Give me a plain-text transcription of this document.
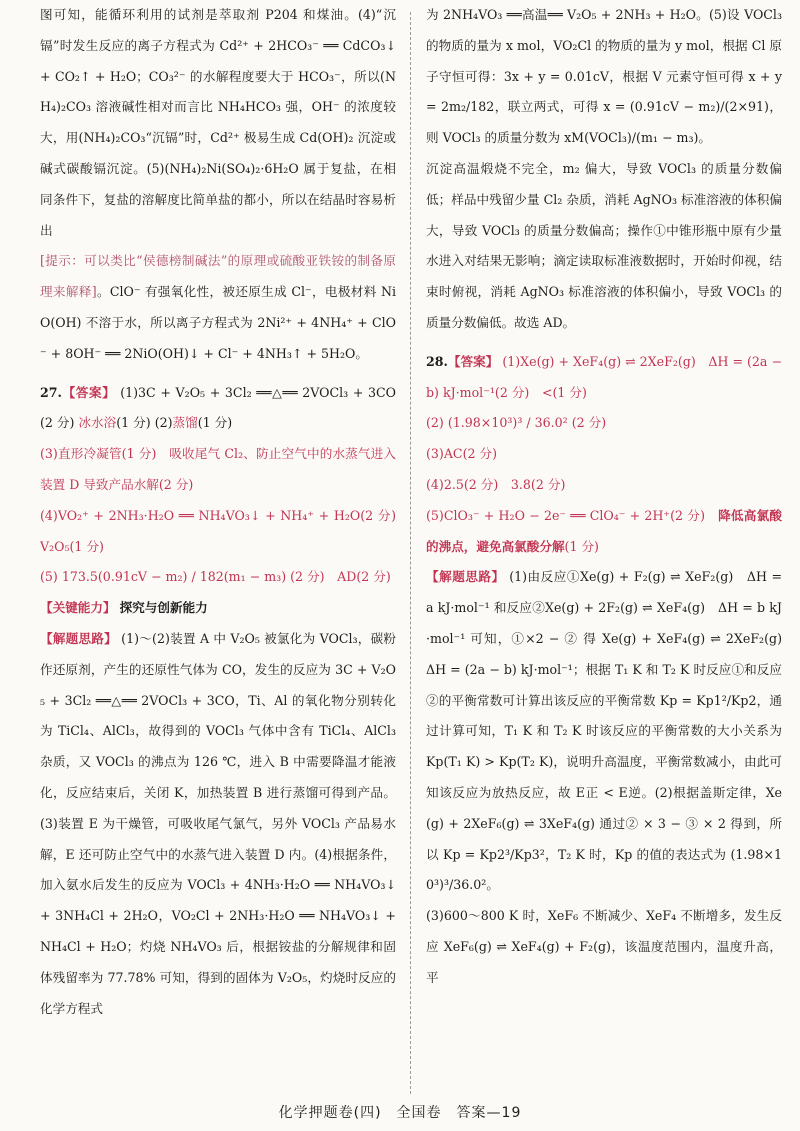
图可知，能循环利用的试剂是萃取剂 P204 和煤油。(4)“沉镉”时发生反应的离子方程式为 Cd²⁺ + 2HCO₃⁻ ══ CdCO₃↓ + CO₂↑ + H₂O；CO₃²⁻ 的水解程度要大于 HCO₃⁻，所以(NH₄)₂CO₃ 溶液碱性相对而言比 NH₄HCO₃ 强，OH⁻ 的浓度较大，用(NH₄)₂CO₃“沉镉”时，Cd²⁺ 极易生成 Cd(OH)₂ 沉淀或碱式碳酸镉沉淀。(5)(NH₄)₂Ni(SO₄)₂·6H₂O 属于复盐，在相同条件下，复盐的溶解度比简单盐的都小，所以在结晶时容易析出

[提示：可以类比“侯德榜制碱法”的原理或硫酸亚铁铵的制备原理来解释]。ClO⁻ 有强氧化性，被还原生成 Cl⁻，电极材料 NiO(OH) 不溶于水，所以离子方程式为 2Ni²⁺ + 4NH₄⁺ + ClO⁻ + 8OH⁻ ══ 2NiO(OH)↓ + Cl⁻ + 4NH₃↑ + 5H₂O。

27.【答案】 (1)3C + V₂O₅ + 3Cl₂ ══△══ 2VOCl₃ + 3CO(2 分) 冰水浴(1 分) (2)蒸馏(1 分)

(3)直形冷凝管(1 分)　吸收尾气 Cl₂、防止空气中的水蒸气进入装置 D 导致产品水解(2 分)

(4)VO₂⁺ + 2NH₃·H₂O ══ NH₄VO₃↓ + NH₄⁺ + H₂O(2 分)　V₂O₅(1 分)

(5) 173.5(0.91cV − m₂) / 182(m₁ − m₃) (2 分)　AD(2 分)

【关键能力】 探究与创新能力

【解题思路】 (1)～(2)装置 A 中 V₂O₅ 被氯化为 VOCl₃，碳粉作还原剂，产生的还原性气体为 CO，发生的反应为 3C + V₂O₅ + 3Cl₂ ══△══ 2VOCl₃ + 3CO，Ti、Al 的氧化物分别转化为 TiCl₄、AlCl₃，故得到的 VOCl₃ 气体中含有 TiCl₄、AlCl₃ 杂质，又 VOCl₃ 的沸点为 126 ℃，进入 B 中需要降温才能液化，反应结束后，关闭 K，加热装置 B 进行蒸馏可得到产品。(3)装置 E 为干燥管，可吸收尾气氯气，另外 VOCl₃ 产品易水解，E 还可防止空气中的水蒸气进入装置 D 内。(4)根据条件，加入氨水后发生的反应为 VOCl₃ + 4NH₃·H₂O ══ NH₄VO₃↓ + 3NH₄Cl + 2H₂O，VO₂Cl + 2NH₃·H₂O ══ NH₄VO₃↓ + NH₄Cl + H₂O；灼烧 NH₄VO₃ 后，根据铵盐的分解规律和固体残留率为 77.78% 可知，得到的固体为 V₂O₅，灼烧时反应的化学方程式

为 2NH₄VO₃ ══高温══ V₂O₅ + 2NH₃ + H₂O。(5)设 VOCl₃ 的物质的量为 x mol，VO₂Cl 的物质的量为 y mol，根据 Cl 原子守恒可得：3x + y = 0.01cV，根据 V 元素守恒可得 x + y = 2m₂/182，联立两式，可得 x = (0.91cV − m₂)/(2×91)，则 VOCl₃ 的质量分数为 xM(VOCl₃)/(m₁ − m₃)。

沉淀高温煅烧不完全，m₂ 偏大，导致 VOCl₃ 的质量分数偏低；样品中残留少量 Cl₂ 杂质，消耗 AgNO₃ 标准溶液的体积偏大，导致 VOCl₃ 的质量分数偏高；操作①中锥形瓶中原有少量水进入对结果无影响；滴定读取标准液数据时，开始时仰视，结束时俯视，消耗 AgNO₃ 标准溶液的体积偏小，导致 VOCl₃ 的质量分数偏低。故选 AD。

28.【答案】 (1)Xe(g) + XeF₄(g) ⇌ 2XeF₂(g)　ΔH = (2a − b) kJ·mol⁻¹(2 分)　<(1 分)

(2) (1.98×10³)³ / 36.0² (2 分)

(3)AC(2 分)

(4)2.5(2 分)　3.8(2 分)

(5)ClO₃⁻ + H₂O − 2e⁻ ══ ClO₄⁻ + 2H⁺(2 分)　降低高氯酸的沸点，避免高氯酸分解(1 分)

【解题思路】 (1)由反应①Xe(g) + F₂(g) ⇌ XeF₂(g)　ΔH = a kJ·mol⁻¹ 和反应②Xe(g) + 2F₂(g) ⇌ XeF₄(g)　ΔH = b kJ·mol⁻¹ 可知，①×2 − ② 得 Xe(g) + XeF₄(g) ⇌ 2XeF₂(g)　ΔH = (2a − b) kJ·mol⁻¹；根据 T₁ K 和 T₂ K 时反应①和反应②的平衡常数可计算出该反应的平衡常数 Kp = Kp1²/Kp2，通过计算可知，T₁ K 和 T₂ K 时该反应的平衡常数的大小关系为 Kp(T₁ K) > Kp(T₂ K)，说明升高温度，平衡常数减小，由此可知该反应为放热反应，故 E正 < E逆。(2)根据盖斯定律，Xe(g) + 2XeF₆(g) ⇌ 3XeF₄(g) 通过② × 3 − ③ × 2 得到，所以 Kp = Kp2³/Kp3²，T₂ K 时，Kp 的值的表达式为 (1.98×10³)³/36.0²。

(3)600～800 K 时，XeF₆ 不断减少、XeF₄ 不断增多，发生反应 XeF₆(g) ⇌ XeF₄(g) + F₂(g)，该温度范围内，温度升高，平

化学押题卷(四)　全国卷　答案—19
